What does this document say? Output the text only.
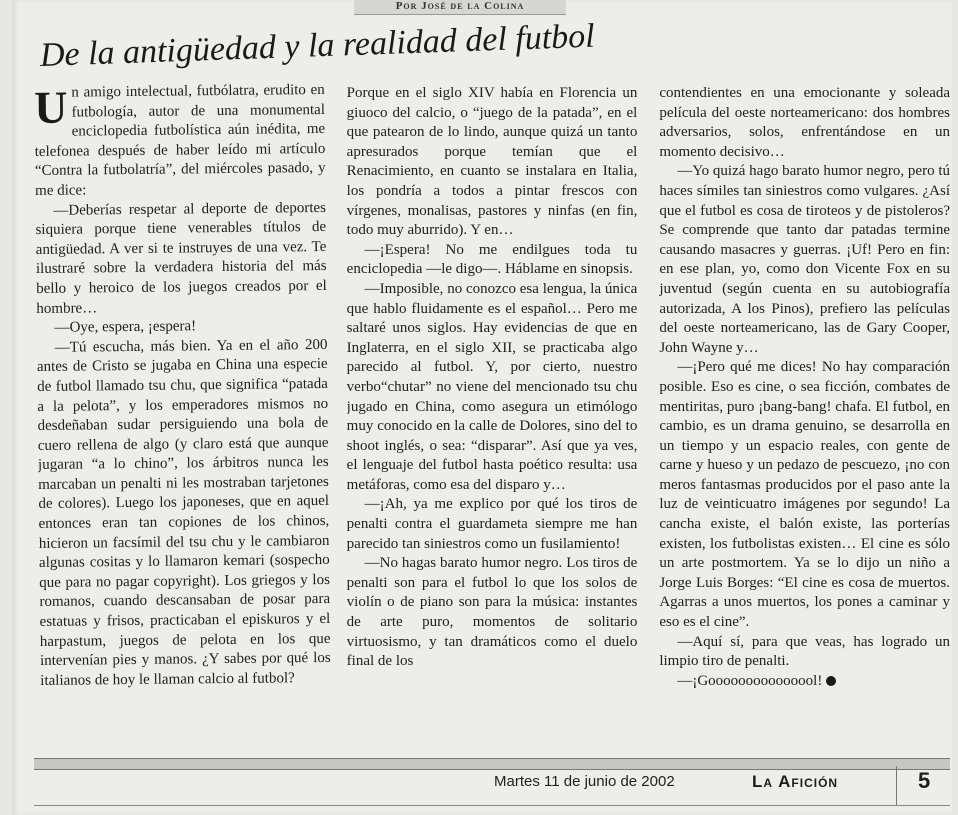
Por José de la Colina
De la antigüedad y la realidad del futbol

Un amigo intelectual, futbólatra, erudito en futbología, autor de una monumental enciclopedia futbolística aún inédita, me telefonea después de haber leído mi artículo “Contra la futbolatría”, del miércoles pasado, y me dice:

—Deberías respetar al deporte de deportes siquiera porque tiene venerables títulos de antigüedad. A ver si te instruyes de una vez. Te ilustraré sobre la verdadera historia del más bello y heroico de los juegos creados por el hombre…

—Oye, espera, ¡espera!

—Tú escucha, más bien. Ya en el año 200 antes de Cristo se jugaba en China una especie de futbol llamado tsu chu, que significa “patada a la pelota”, y los emperadores mismos no desdeñaban sudar persiguiendo una bola de cuero rellena de algo (y claro está que aunque jugaran “a lo chino”, los árbitros nunca les marcaban un penalti ni les mostraban tarjetones de colores). Luego los japoneses, que en aquel entonces eran tan copiones de los chinos, hicieron un facsímil del tsu chu y le cambiaron algunas cositas y lo llamaron kemari (sospecho que para no pagar copyright). Los griegos y los romanos, cuando descansaban de posar para estatuas y frisos, practicaban el episkuros y el harpastum, juegos de pelota en los que intervenían pies y manos. ¿Y sabes por qué los italianos de hoy le llaman calcio al futbol?

Porque en el siglo XIV había en Florencia un giuoco del calcio, o “juego de la patada”, en el que patearon de lo lindo, aunque quizá un tanto apresurados porque temían que el Renacimiento, en cuanto se instalara en Italia, los pondría a todos a pintar frescos con vírgenes, monalisas, pastores y ninfas (en fin, todo muy aburrido). Y en…

—¡Espera! No me endilgues toda tu enciclopedia —le digo—. Háblame en sinopsis.

—Imposible, no conozco esa lengua, la única que hablo fluidamente es el español… Pero me saltaré unos siglos. Hay evidencias de que en Inglaterra, en el siglo XII, se practicaba algo parecido al futbol. Y, por cierto, nuestro verbo“chutar” no viene del mencionado tsu chu jugado en China, como asegura un etimólogo muy conocido en la calle de Dolores, sino del to shoot inglés, o sea: “disparar”. Así que ya ves, el lenguaje del futbol hasta poético resulta: usa metáforas, como esa del disparo y…

—¡Ah, ya me explico por qué los tiros de penalti contra el guardameta siempre me han parecido tan siniestros como un fusilamiento!

—No hagas barato humor negro. Los tiros de penalti son para el futbol lo que los solos de violín o de piano son para la música: instantes de arte puro, momentos de solitario virtuosismo, y tan dramáticos como el duelo final de los

contendientes en una emocionante y soleada película del oeste norteamericano: dos hombres adversarios, solos, enfrentándose en un momento decisivo…

—Yo quizá hago barato humor negro, pero tú haces símiles tan siniestros como vulgares. ¿Así que el futbol es cosa de tiroteos y de pistoleros? Se comprende que tanto dar patadas termine causando masacres y guerras. ¡Uf! Pero en fin: en ese plan, yo, como don Vicente Fox en su juventud (según cuenta en su autobiografía autorizada, A los Pinos), prefiero las películas del oeste norteamericano, las de Gary Cooper, John Wayne y…

—¡Pero qué me dices! No hay comparación posible. Eso es cine, o sea ficción, combates de mentiritas, puro ¡bang-bang! chafa. El futbol, en cambio, es un drama genuino, se desarrolla en un tiempo y un espacio reales, con gente de carne y hueso y un pedazo de pescuezo, ¡no con meros fantasmas producidos por el paso ante la luz de veinticuatro imágenes por segundo! La cancha existe, el balón existe, las porterías existen, los futbolistas existen… El cine es sólo un arte postmortem. Ya se lo dijo un niño a Jorge Luis Borges: “El cine es cosa de muertos. Agarras a unos muertos, los pones a caminar y eso es el cine”.

—Aquí sí, para que veas, has logrado un limpio tiro de penalti.

—¡Gooooooooooooool!

Martes 11 de junio de 2002	La Afición	5
